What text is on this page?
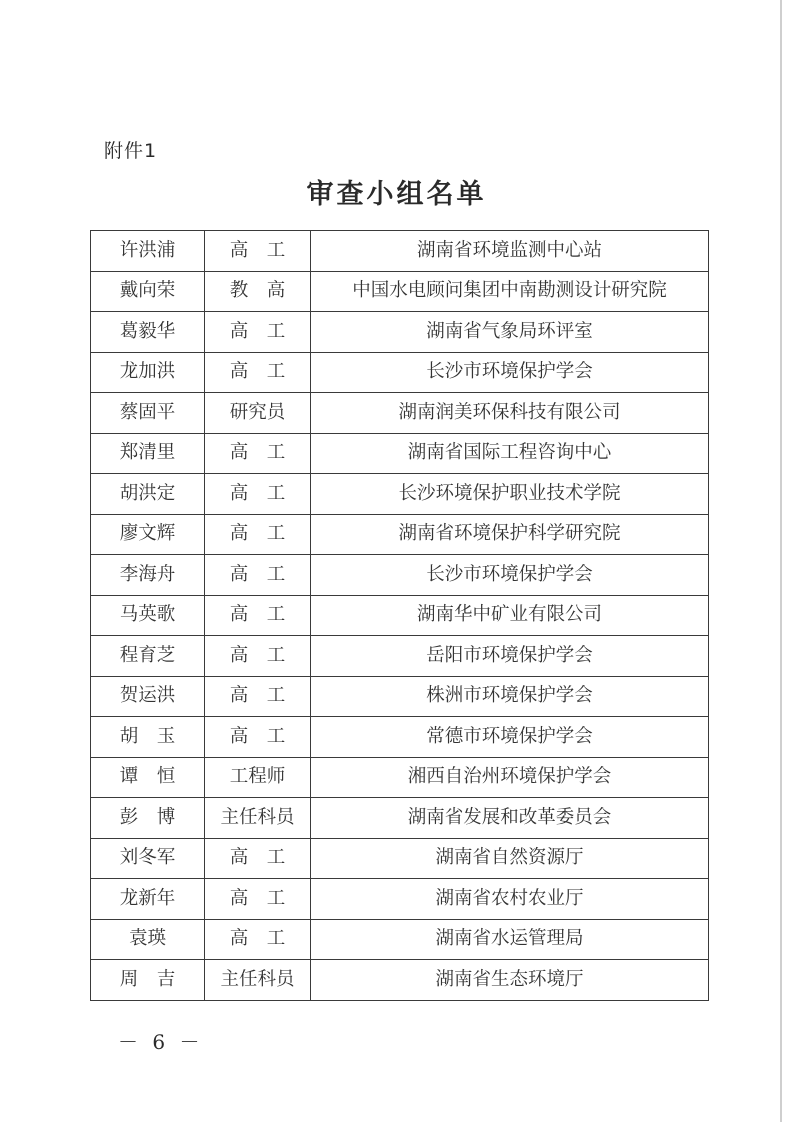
附件1
审查小组名单
许洪浦	高　工	湖南省环境监测中心站
戴向荣	教　高	中国水电顾问集团中南勘测设计研究院
葛毅华	高　工	湖南省气象局环评室
龙加洪	高　工	长沙市环境保护学会
蔡固平	研究员	湖南润美环保科技有限公司
郑清里	高　工	湖南省国际工程咨询中心
胡洪定	高　工	长沙环境保护职业技术学院
廖文辉	高　工	湖南省环境保护科学研究院
李海舟	高　工	长沙市环境保护学会
马英歌	高　工	湖南华中矿业有限公司
程育芝	高　工	岳阳市环境保护学会
贺运洪	高　工	株洲市环境保护学会
胡　玉	高　工	常德市环境保护学会
谭　恒	工程师	湘西自治州环境保护学会
彭　博	主任科员	湖南省发展和改革委员会
刘冬军	高　工	湖南省自然资源厅
龙新年	高　工	湖南省农村农业厅
袁瑛	高　工	湖南省水运管理局
周　吉	主任科员	湖南省生态环境厅
－ 6 －
